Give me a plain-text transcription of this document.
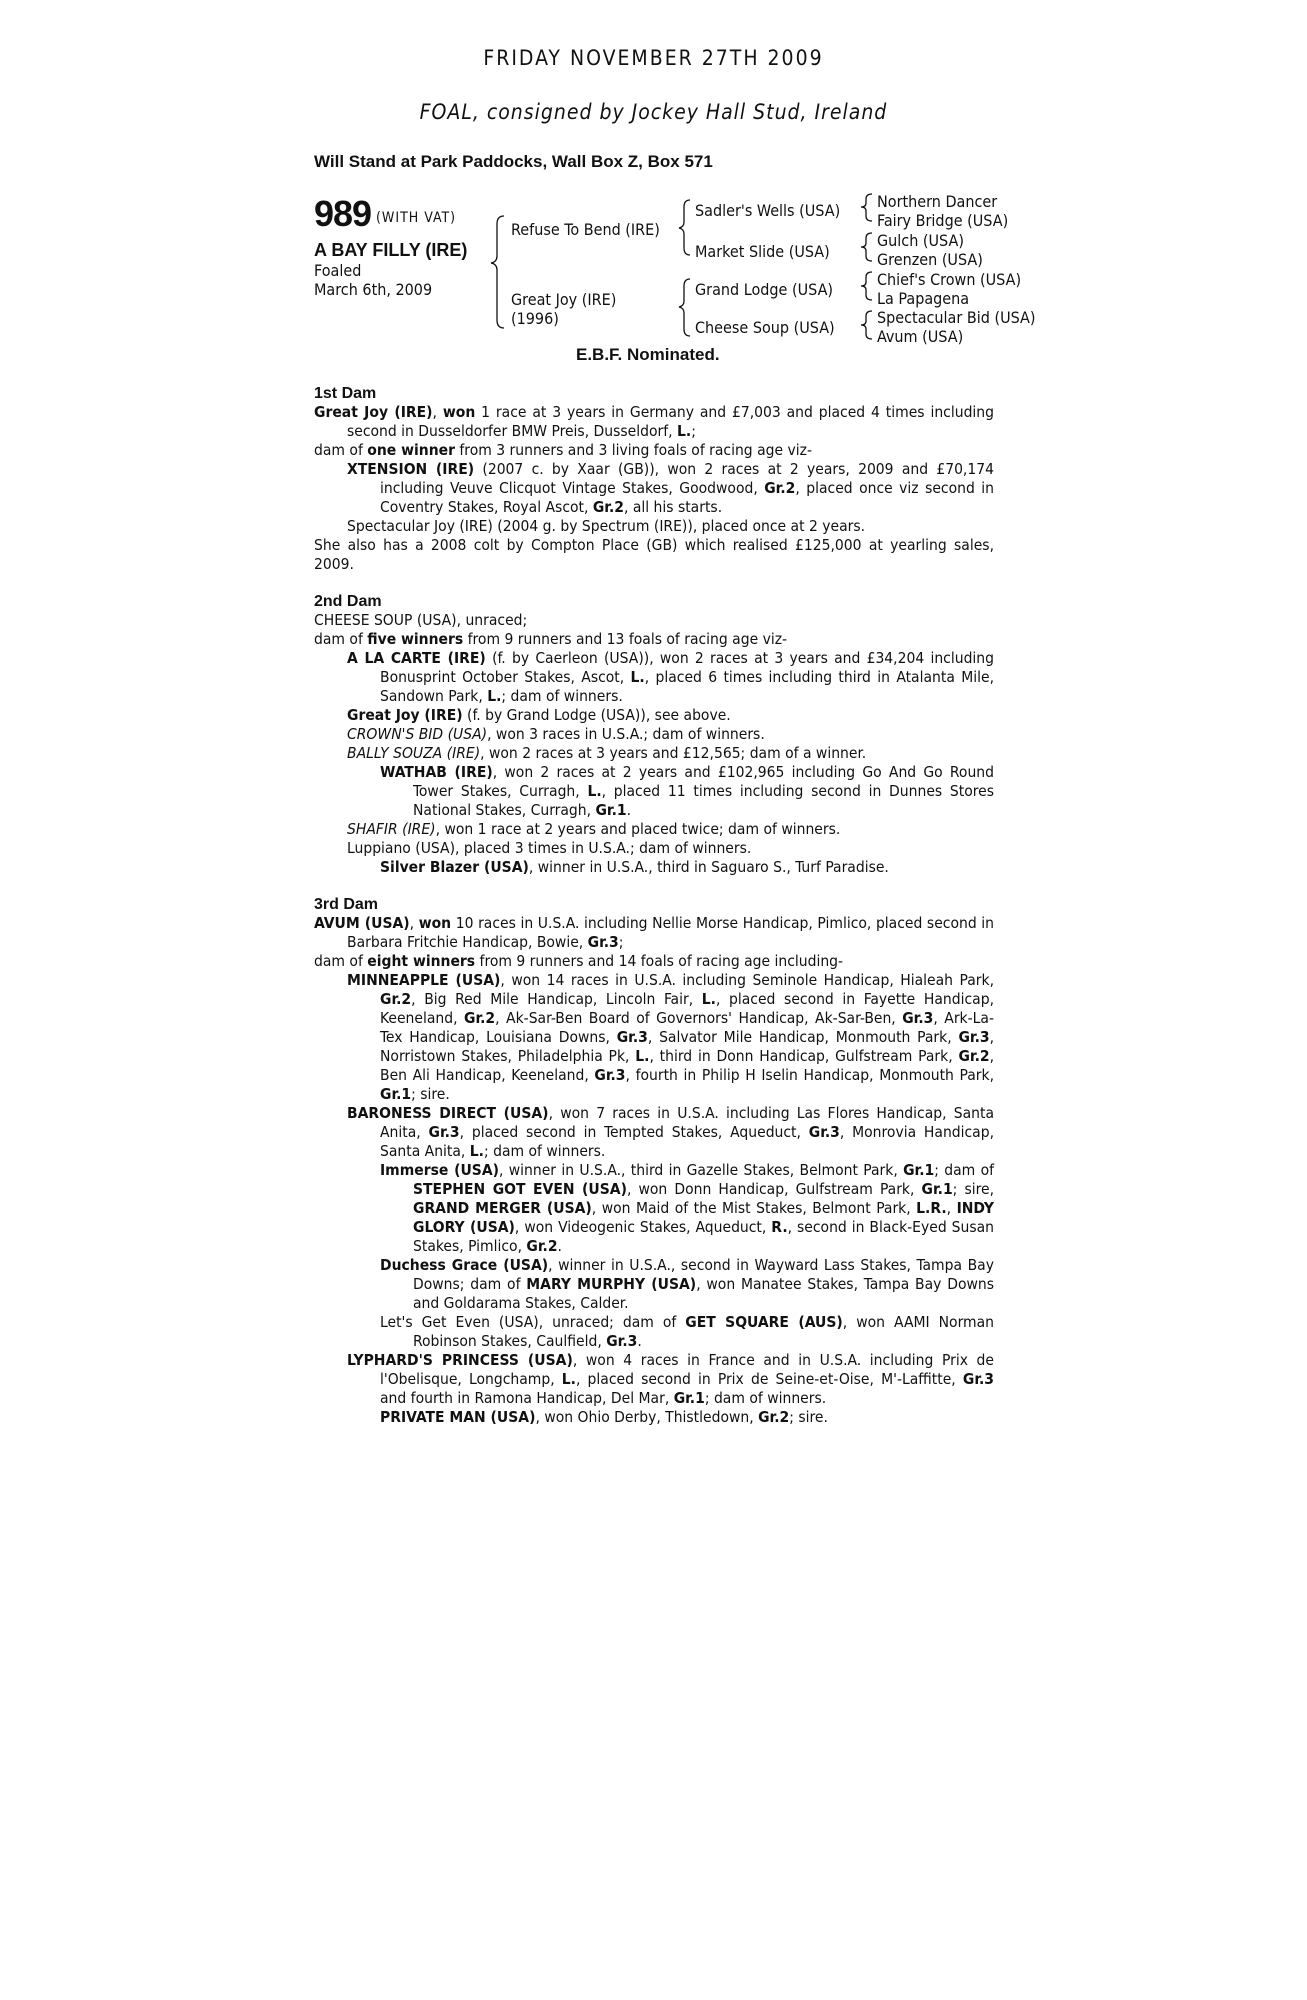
FRIDAY NOVEMBER 27TH 2009
FOAL, consigned by Jockey Hall Stud, Ireland
Will Stand at Park Paddocks, Wall Box Z, Box 571
989 (WITH VAT)
A BAY FILLY (IRE)
Foaled
March 6th, 2009
Refuse To Bend (IRE)
Great Joy (IRE)
(1996)
Sadler's Wells (USA)
Market Slide (USA)
Grand Lodge (USA)
Cheese Soup (USA)
Northern Dancer
Fairy Bridge (USA)
Gulch (USA)
Grenzen (USA)
Chief's Crown (USA)
La Papagena
Spectacular Bid (USA)
Avum (USA)
E.B.F. Nominated.
1st Dam
Great Joy (IRE), won 1 race at 3 years in Germany and £7,003 and placed 4 times including second in Dusseldorfer BMW Preis, Dusseldorf, L.;
dam of one winner from 3 runners and 3 living foals of racing age viz-
XTENSION (IRE) (2007 c. by Xaar (GB)), won 2 races at 2 years, 2009 and £70,174 including Veuve Clicquot Vintage Stakes, Goodwood, Gr.2, placed once viz second in Coventry Stakes, Royal Ascot, Gr.2, all his starts.
Spectacular Joy (IRE) (2004 g. by Spectrum (IRE)), placed once at 2 years.
She also has a 2008 colt by Compton Place (GB) which realised £125,000 at yearling sales, 2009.
2nd Dam
CHEESE SOUP (USA), unraced;
dam of five winners from 9 runners and 13 foals of racing age viz-
A LA CARTE (IRE) (f. by Caerleon (USA)), won 2 races at 3 years and £34,204 including Bonusprint October Stakes, Ascot, L., placed 6 times including third in Atalanta Mile, Sandown Park, L.; dam of winners.
Great Joy (IRE) (f. by Grand Lodge (USA)), see above.
CROWN'S BID (USA), won 3 races in U.S.A.; dam of winners.
BALLY SOUZA (IRE), won 2 races at 3 years and £12,565; dam of a winner.
WATHAB (IRE), won 2 races at 2 years and £102,965 including Go And Go Round Tower Stakes, Curragh, L., placed 11 times including second in Dunnes Stores National Stakes, Curragh, Gr.1.
SHAFIR (IRE), won 1 race at 2 years and placed twice; dam of winners.
Luppiano (USA), placed 3 times in U.S.A.; dam of winners.
Silver Blazer (USA), winner in U.S.A., third in Saguaro S., Turf Paradise.
3rd Dam
AVUM (USA), won 10 races in U.S.A. including Nellie Morse Handicap, Pimlico, placed second in Barbara Fritchie Handicap, Bowie, Gr.3;
dam of eight winners from 9 runners and 14 foals of racing age including-
MINNEAPPLE (USA), won 14 races in U.S.A. including Seminole Handicap, Hialeah Park, Gr.2, Big Red Mile Handicap, Lincoln Fair, L., placed second in Fayette Handicap, Keeneland, Gr.2, Ak-Sar-Ben Board of Governors' Handicap, Ak-Sar-Ben, Gr.3, Ark-La-Tex Handicap, Louisiana Downs, Gr.3, Salvator Mile Handicap, Monmouth Park, Gr.3, Norristown Stakes, Philadelphia Pk, L., third in Donn Handicap, Gulfstream Park, Gr.2, Ben Ali Handicap, Keeneland, Gr.3, fourth in Philip H Iselin Handicap, Monmouth Park, Gr.1; sire.
BARONESS DIRECT (USA), won 7 races in U.S.A. including Las Flores Handicap, Santa Anita, Gr.3, placed second in Tempted Stakes, Aqueduct, Gr.3, Monrovia Handicap, Santa Anita, L.; dam of winners.
Immerse (USA), winner in U.S.A., third in Gazelle Stakes, Belmont Park, Gr.1; dam of STEPHEN GOT EVEN (USA), won Donn Handicap, Gulfstream Park, Gr.1; sire, GRAND MERGER (USA), won Maid of the Mist Stakes, Belmont Park, L.R., INDY GLORY (USA), won Videogenic Stakes, Aqueduct, R., second in Black-Eyed Susan Stakes, Pimlico, Gr.2.
Duchess Grace (USA), winner in U.S.A., second in Wayward Lass Stakes, Tampa Bay Downs; dam of MARY MURPHY (USA), won Manatee Stakes, Tampa Bay Downs and Goldarama Stakes, Calder.
Let's Get Even (USA), unraced; dam of GET SQUARE (AUS), won AAMI Norman Robinson Stakes, Caulfield, Gr.3.
LYPHARD'S PRINCESS (USA), won 4 races in France and in U.S.A. including Prix de l'Obelisque, Longchamp, L., placed second in Prix de Seine-et-Oise, M'-Laffitte, Gr.3 and fourth in Ramona Handicap, Del Mar, Gr.1; dam of winners.
PRIVATE MAN (USA), won Ohio Derby, Thistledown, Gr.2; sire.
